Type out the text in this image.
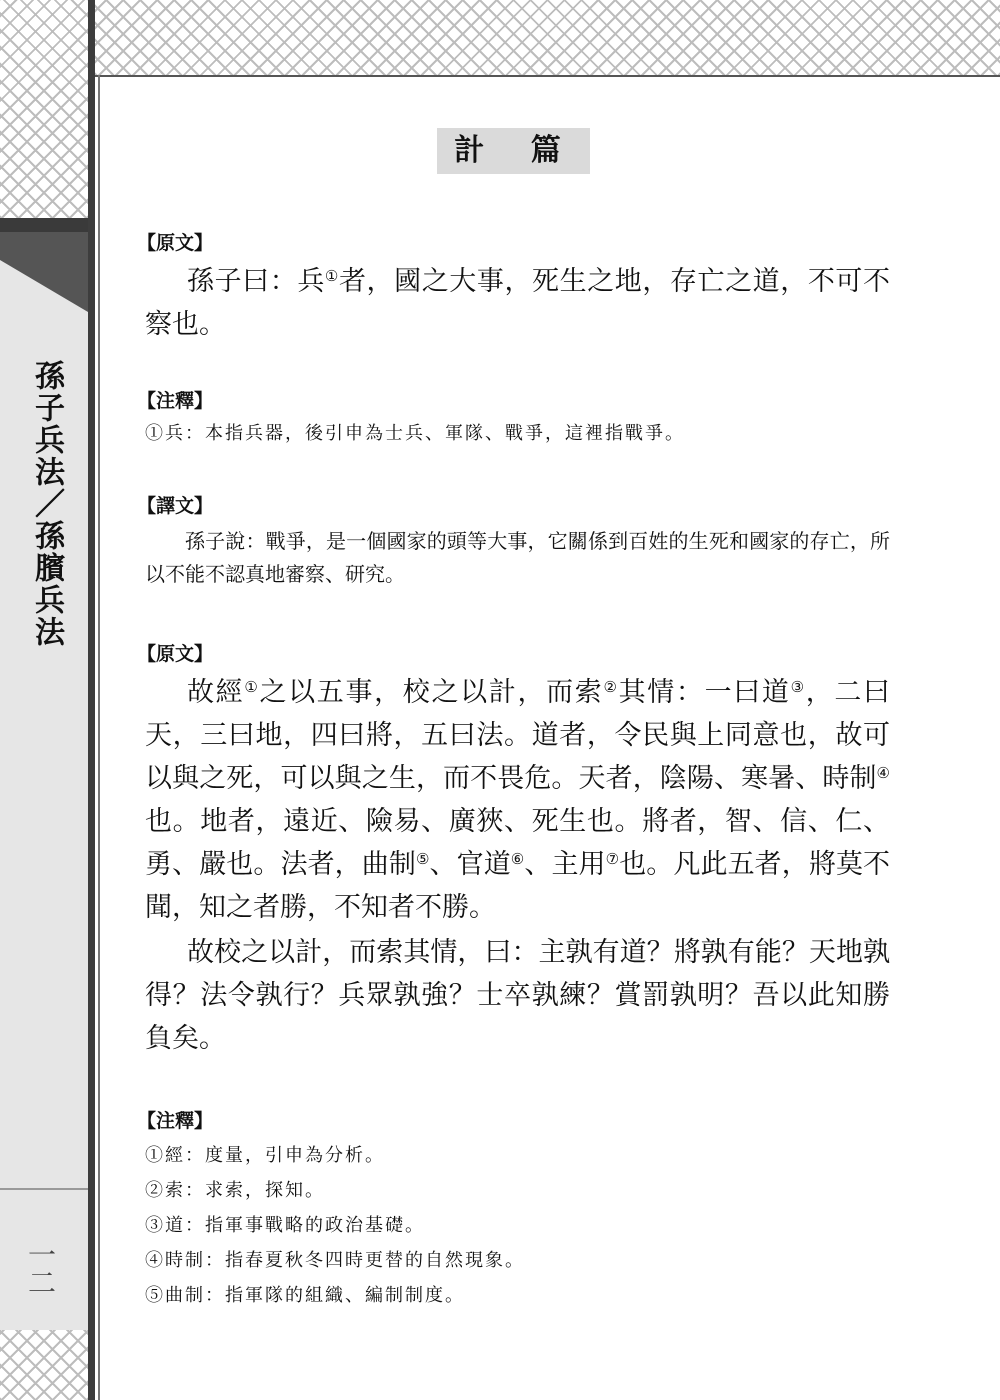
孫子兵法／孫臏兵法
一二
計 篇
【原文】

孫子曰：兵①者，國之大事，死生之地，存亡之道，不可不察也。

【注釋】

①兵：本指兵器，後引申為士兵、軍隊、戰爭，這裡指戰爭。

【譯文】

孫子說：戰爭，是一個國家的頭等大事，它關係到百姓的生死和國家的存亡，所以不能不認真地審察、研究。

【原文】

故經①之以五事，校之以計，而索②其情：一曰道③，二曰天，三曰地，四曰將，五曰法。道者，令民與上同意也，故可以與之死，可以與之生，而不畏危。天者，陰陽、寒暑、時制④也。地者，遠近、險易、廣狹、死生也。將者，智、信、仁、勇、嚴也。法者，曲制⑤、官道⑥、主用⑦也。凡此五者，將莫不聞，知之者勝，不知者不勝。

故校之以計，而索其情，曰：主孰有道？將孰有能？天地孰得？法令孰行？兵眾孰強？士卒孰練？賞罰孰明？吾以此知勝負矣。

【注釋】

①經：度量，引申為分析。

②索：求索，探知。

③道：指軍事戰略的政治基礎。

④時制：指春夏秋冬四時更替的自然現象。

⑤曲制：指軍隊的組織、編制制度。
